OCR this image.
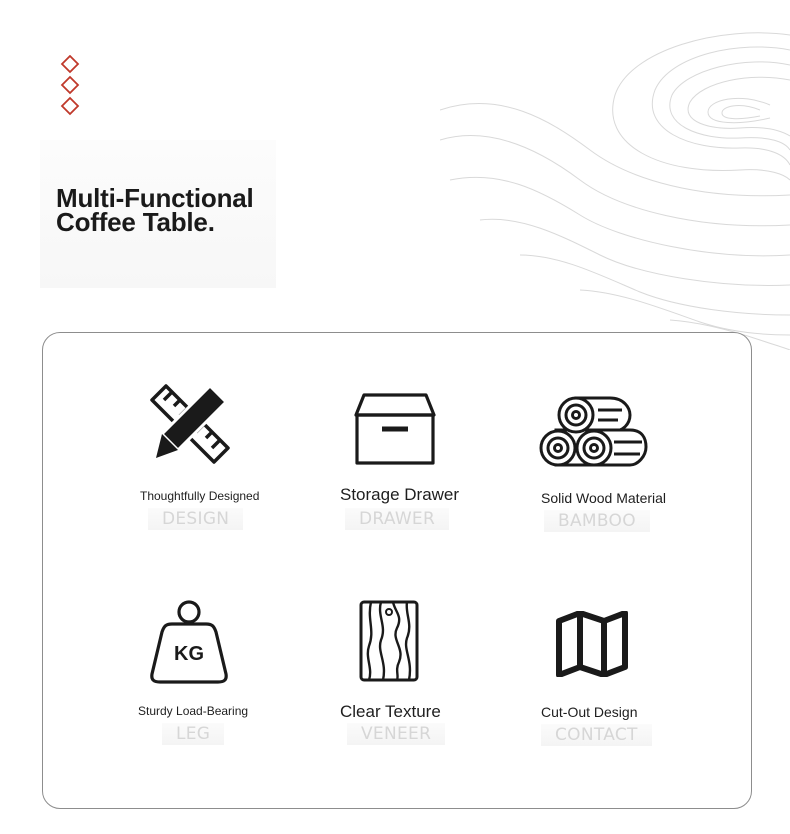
Multi-Functional
Coffee Table.
Thoughtfully Designed
DESIGN
Storage Drawer
DRAWER
Solid Wood Material
BAMBOO
KG
Sturdy Load-Bearing
LEG
Clear Texture
VENEER
Cut-Out Design
CONTACT
